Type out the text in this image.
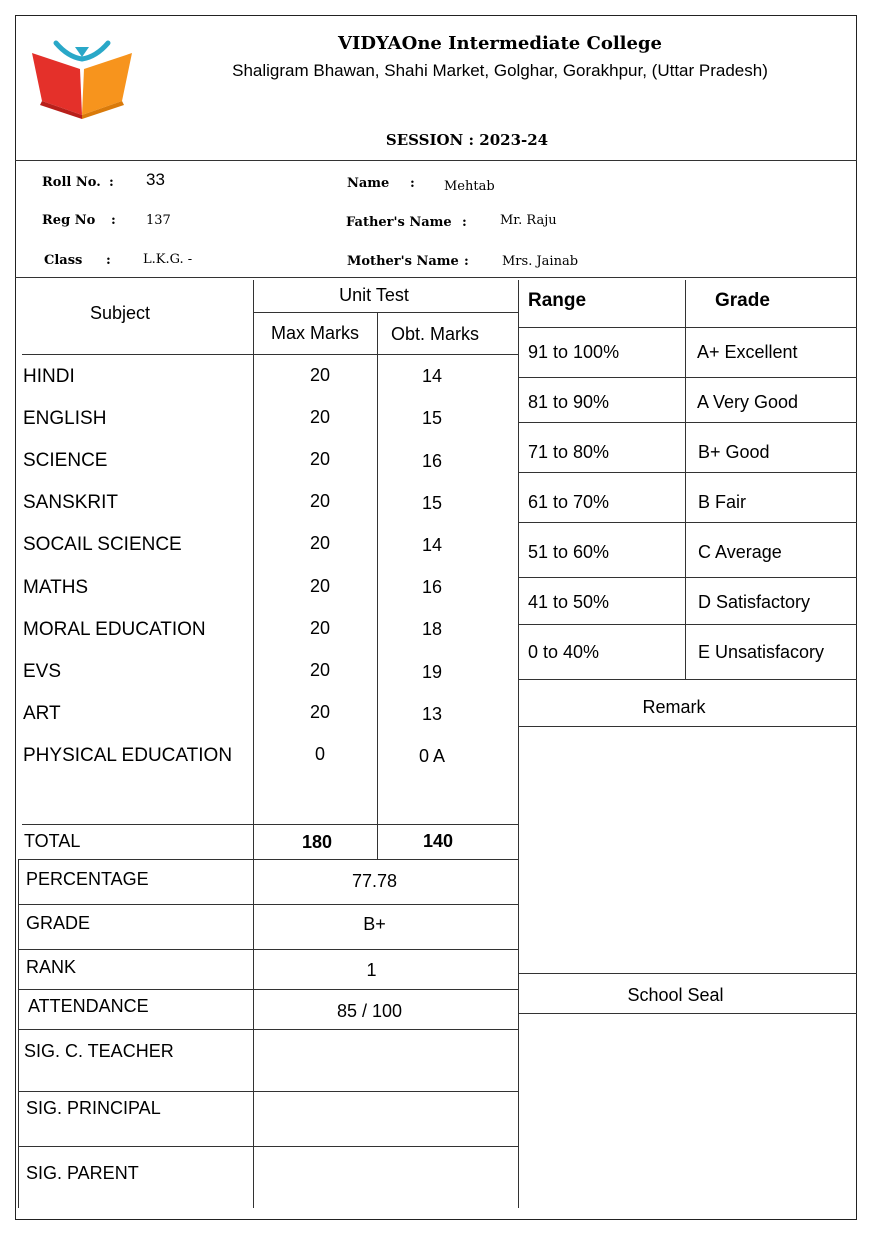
VIDYAOne Intermediate College
Shaligram Bhawan, Shahi Market, Golghar, Gorakhpur, (Uttar Pradesh)
SESSION : 2023-24
Roll No. : 33
Reg No : 137
Class : L.K.G. -
Name : Mehtab
Father's Name :	Mr. Raju
Mother's Name :	Mrs. Jainab
Subject
Unit Test
Max Marks	Obt. Marks
HINDI	20	14
ENGLISH	20	15
SCIENCE	20	16
SANSKRIT	20	15
SOCAIL SCIENCE	20	14
MATHS	20	16
MORAL EDUCATION	20	18
EVS	20	19
ART	20	13
PHYSICAL EDUCATION	0	0 A
TOTAL	180	140
PERCENTAGE	77.78
GRADE	B+
RANK	1
ATTENDANCE	85 / 100
SIG. C. TEACHER
SIG. PRINCIPAL
SIG. PARENT
Range	Grade
91 to 100%	A+ Excellent
81 to 90%	A Very Good
71 to 80%	B+ Good
61 to 70%	B Fair
51 to 60%	C Average
41 to 50%	D Satisfactory
0 to 40%	E Unsatisfacory
Remark
School Seal
